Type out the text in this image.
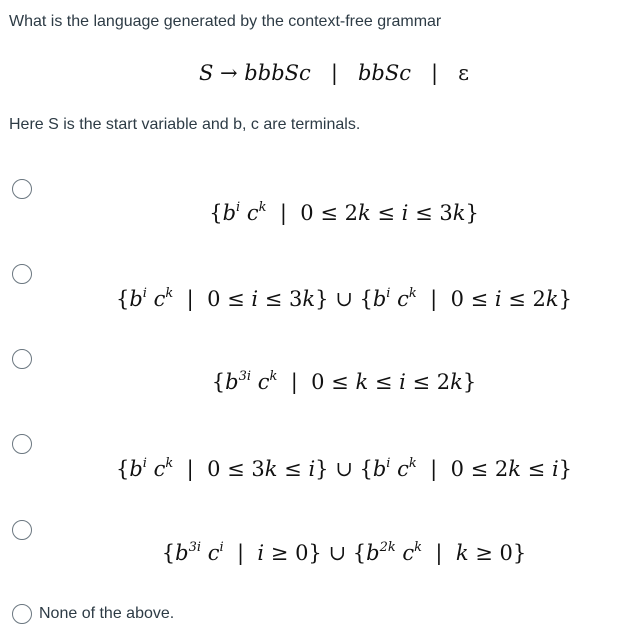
What is the language generated by the context-free grammar
S → bbbSc   |   bbSc   |   ε
Here S is the start variable and b, c are terminals.
{$b^i$ $c^k$  |  0 ≤ 2k ≤ i ≤ 3k}
{$b^i$ $c^k$  |  0 ≤ i ≤ 3k} ∪ {$b^i$ $c^k$  |  0 ≤ i ≤ 2k}
{$b^{3i}$ $c^k$  |  0 ≤ k ≤ i ≤ 2k}
{$b^i$ $c^k$  |  0 ≤ 3k ≤ i} ∪ {$b^i$ $c^k$  |  0 ≤ 2k ≤ i}
{$b^{3i}$ $c^i$  |  i ≥ 0} ∪ {$b^{2k}$ $c^k$  |  k ≥ 0}
None of the above.
